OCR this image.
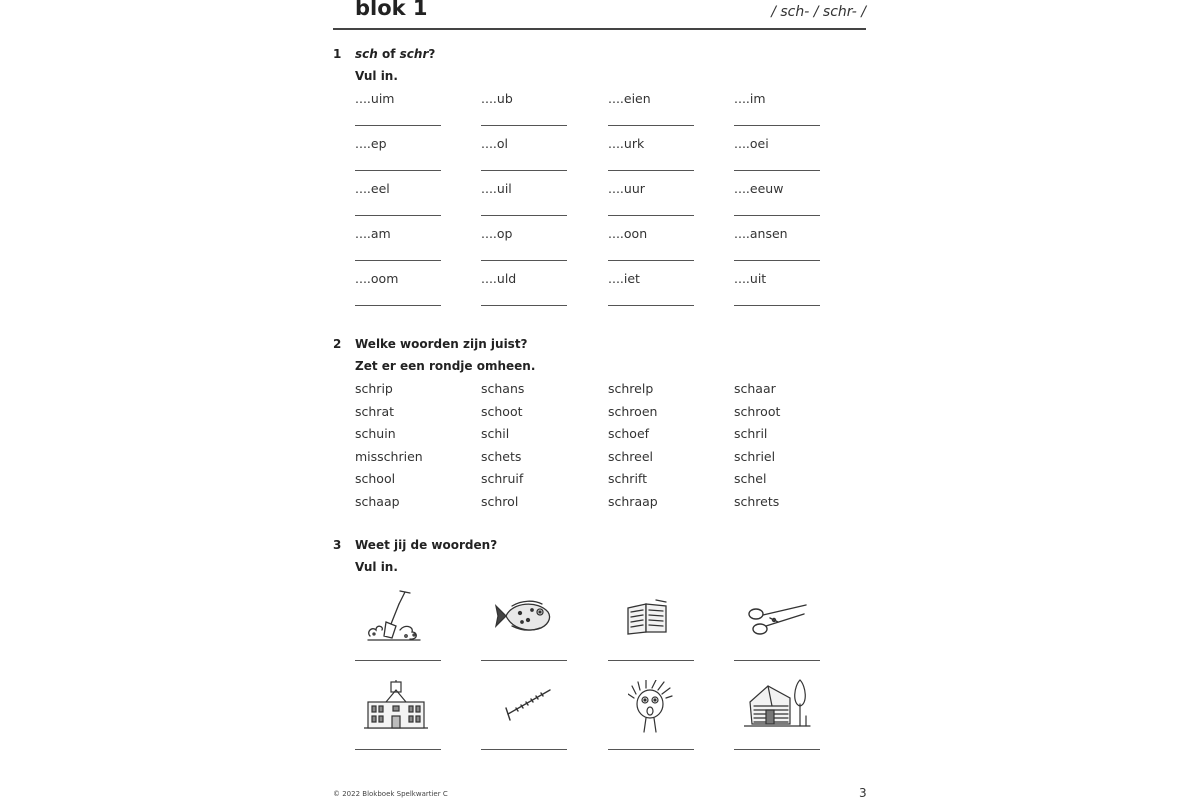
blok 1	/ sch- / schr- /
1 sch of schr?
Vul in.
....uim	....ub	....eien	....im
....ep	....ol	....urk	....oei
....eel	....uil	....uur	....eeuw
....am	....op	....oon	....ansen
....oom	....uld	....iet	....uit
2 Welke woorden zijn juist?
Zet er een rondje omheen.
schrip	schans	schrelp	schaar
schrat	schoot	schroen	schroot
schuin	schil	schoef	schril
misschrien	schets	schreel	schriel
school	schruif	schrift	schel
schaap	schrol	schraap	schrets
3 Weet jij de woorden?
Vul in.
© 2022 Blokboek Spelkwartier C	3
